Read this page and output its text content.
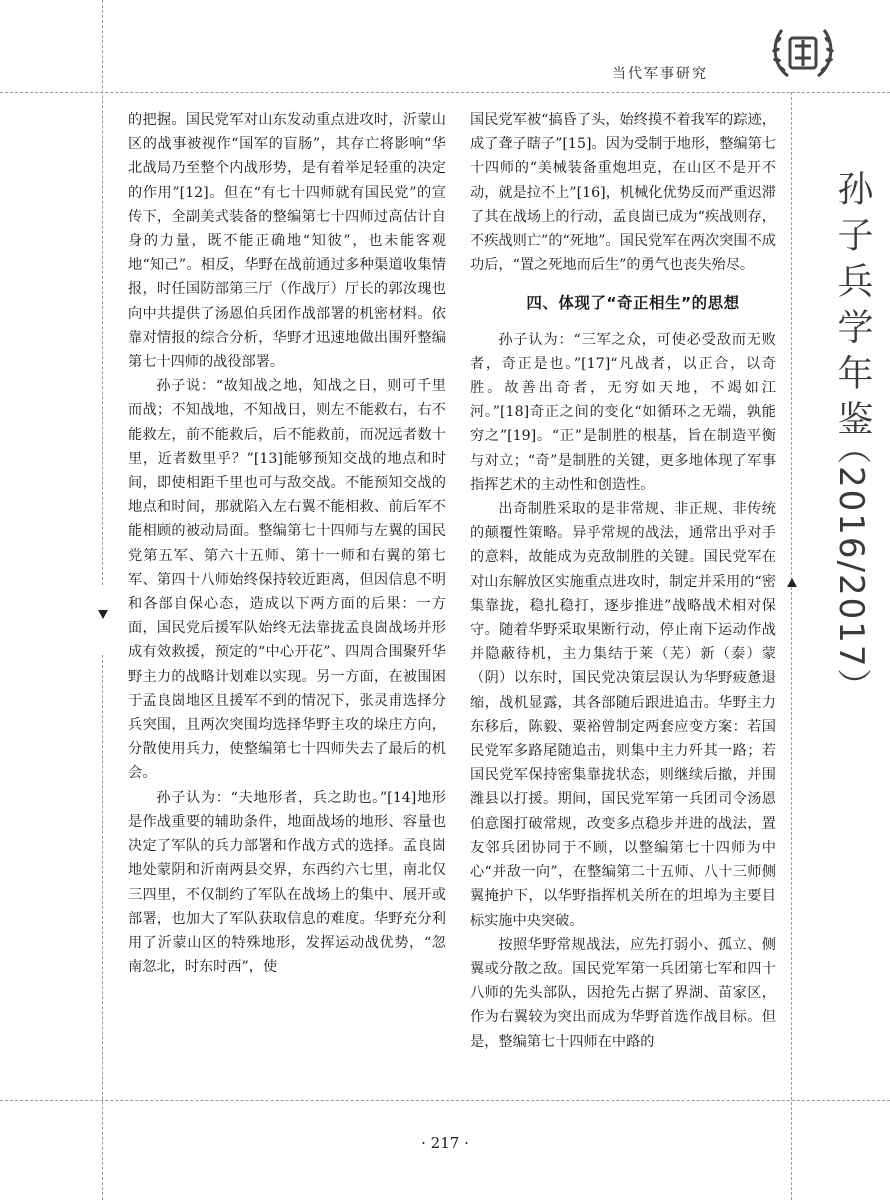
当代军事研究
孙子兵学年鉴
（2016/2017）

的把握。国民党军对山东发动重点进攻时，沂蒙山区的战事被视作“国军的盲肠”，其存亡将影响“华北战局乃至整个内战形势，是有着举足轻重的决定的作用”[12]。但在“有七十四师就有国民党”的宣传下，全副美式装备的整编第七十四师过高估计自身的力量，既不能正确地“知彼”，也未能客观地“知己”。相反，华野在战前通过多种渠道收集情报，时任国防部第三厅（作战厅）厅长的郭汝瑰也向中共提供了汤恩伯兵团作战部署的机密材料。依靠对情报的综合分析，华野才迅速地做出围歼整编第七十四师的战役部署。

孙子说：“故知战之地，知战之日，则可千里而战；不知战地，不知战日，则左不能救右，右不能救左，前不能救后，后不能救前，而况远者数十里，近者数里乎？”[13]能够预知交战的地点和时间，即使相距千里也可与敌交战。不能预知交战的地点和时间，那就陷入左右翼不能相救、前后军不能相顾的被动局面。整编第七十四师与左翼的国民党第五军、第六十五师、第十一师和右翼的第七军、第四十八师始终保持较近距离，但因信息不明和各部自保心态，造成以下两方面的后果：一方面，国民党后援军队始终无法靠拢孟良崮战场并形成有效救援，预定的“中心开花”、四周合围聚歼华野主力的战略计划难以实现。另一方面，在被围困于孟良崮地区且援军不到的情况下，张灵甫选择分兵突围，且两次突围均选择华野主攻的垛庄方向，分散使用兵力，使整编第七十四师失去了最后的机会。

孙子认为：“夫地形者，兵之助也。”[14]地形是作战重要的辅助条件，地面战场的地形、容量也决定了军队的兵力部署和作战方式的选择。孟良崮地处蒙阴和沂南两县交界，东西约六七里，南北仅三四里，不仅制约了军队在战场上的集中、展开或部署，也加大了军队获取信息的难度。华野充分利用了沂蒙山区的特殊地形，发挥运动战优势，“忽南忽北，时东时西”，使

国民党军被“搞昏了头，始终摸不着我军的踪迹，成了聋子瞎子”[15]。因为受制于地形，整编第七十四师的“美械装备重炮坦克，在山区不是开不动，就是拉不上”[16]，机械化优势反而严重迟滞了其在战场上的行动，孟良崮已成为“疾战则存，不疾战则亡”的“死地”。国民党军在两次突围不成功后，“置之死地而后生”的勇气也丧失殆尽。

四、体现了“奇正相生”的思想

孙子认为：“三军之众，可使必受敌而无败者，奇正是也。”[17]“凡战者，以正合，以奇胜。故善出奇者，无穷如天地，不竭如江河。”[18]奇正之间的变化“如循环之无端，孰能穷之”[19]。“正”是制胜的根基，旨在制造平衡与对立；“奇”是制胜的关键，更多地体现了军事指挥艺术的主动性和创造性。

出奇制胜采取的是非常规、非正规、非传统的颠覆性策略。异乎常规的战法，通常出乎对手的意料，故能成为克敌制胜的关键。国民党军在对山东解放区实施重点进攻时，制定并采用的“密集靠拢，稳扎稳打，逐步推进”战略战术相对保守。随着华野采取果断行动，停止南下运动作战并隐蔽待机，主力集结于莱（芜）新（泰）蒙（阴）以东时，国民党决策层误认为华野疲惫退缩，战机显露，其各部随后跟进追击。华野主力东移后，陈毅、粟裕曾制定两套应变方案：若国民党军多路尾随追击，则集中主力歼其一路；若国民党军保持密集靠拢状态，则继续后撤，并围潍县以打援。期间，国民党军第一兵团司令汤恩伯意图打破常规，改变多点稳步并进的战法，置友邻兵团协同于不顾，以整编第七十四师为中心“并敌一向”，在整编第二十五师、八十三师侧翼掩护下，以华野指挥机关所在的坦埠为主要目标实施中央突破。

按照华野常规战法，应先打弱小、孤立、侧翼或分散之敌。国民党军第一兵团第七军和四十八师的先头部队，因抢先占据了界湖、苗家区，作为右翼较为突出而成为华野首选作战目标。但是，整编第七十四师在中路的

· 217 ·
